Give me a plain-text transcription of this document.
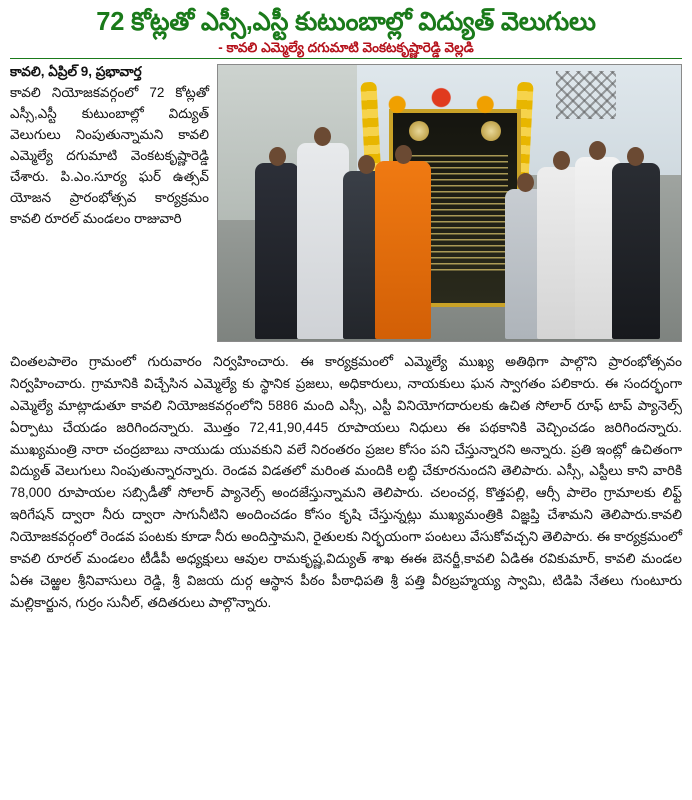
72 కోట్లతో ఎస్సీ,ఎస్టీ కుటుంబాల్లో విద్యుత్ వెలుగులు
- కావలి ఎమ్మెల్యే దగుమాటి వెంకటకృష్ణారెడ్డి వెల్లడి
కావలి, ఏప్రిల్ 9, ప్రభావార్త
కావలి నియోజకవర్గంలో 72 కోట్లతో ఎస్సీ,ఎస్టీ కుటుంబాల్లో విద్యుత్ వెలుగులు నింపుతున్నామని కావలి ఎమ్మెల్యే దగుమాటి వెంకటకృష్ణారెడ్డి చేశారు. పి.ఎం.సూర్య ఘర్ ఉత్సవ్ యోజన ప్రారంభోత్సవ కార్యక్రమం కావలి రూరల్ మండలం రాజువారి

చింతలపాలెం గ్రామంలో గురువారం నిర్వహించారు. ఈ కార్యక్రమంలో ఎమ్మెల్యే ముఖ్య అతిథిగా పాల్గొని ప్రారంభోత్సవం నిర్వహించారు. గ్రామానికి విచ్చేసిన ఎమ్మెల్యే కు స్థానిక ప్రజలు, అధికారులు, నాయకులు ఘన స్వాగతం పలికారు. ఈ సందర్భంగా ఎమ్మెల్యే మాట్లాడుతూ కావలి నియోజకవర్గంలోని 5886 మంది ఎస్సీ, ఎస్టీ వినియోగదారులకు ఉచిత సోలార్ రూఫ్ టాప్ ప్యానెల్స్ ఏర్పాటు చేయడం జరిగిందన్నారు. మొత్తం 72,41,90,445 రూపాయలు నిధులు ఈ పథకానికి వెచ్చించడం జరిగిందన్నారు. ముఖ్యమంత్రి నారా చంద్రబాబు నాయుడు యువకుని వలే నిరంతరం ప్రజల కోసం పని చేస్తున్నారని అన్నారు. ప్రతి ఇంట్లో ఉచితంగా విద్యుత్ వెలుగులు నింపుతున్నారన్నారు. రెండవ విడతలో మరింత మందికి లబ్ధి చేకూరనుందని తెలిపారు. ఎస్సీ, ఎస్టీలు కాని వారికి 78,000 రూపాయల సబ్సిడీతో సోలార్ ప్యానెల్స్ అందజేస్తున్నామని తెలిపారు. చలంచర్ల, కొత్తపల్లి, ఆర్సీ పాలెం గ్రామాలకు లిఫ్ట్ ఇరిగేషన్ ద్వారా నీరు ద్వారా సాగునీటిని అందించడం కోసం కృషి చేస్తున్నట్లు ముఖ్యమంత్రికి విజ్ఞప్తి చేశామని తెలిపారు.కావలి నియోజకవర్గంలో రెండవ పంటకు కూడా నీరు అందిస్తామని, రైతులకు నిర్భయంగా పంటలు వేసుకోవచ్చని తెలిపారు. ఈ కార్యక్రమంలో కావలి రూరల్ మండలం టీడీపీ అధ్యక్షులు ఆవుల రామకృష్ణ,విద్యుత్ శాఖ ఈఈ బెనర్జీ,కావలి ఏడిఈ రవికుమార్, కావలి మండల ఏఈ చెఱ్ఱల శ్రీనివాసులు రెడ్డి, శ్రీ విజయ దుర్గ ఆస్థాన పీఠం పీఠాధిపతి శ్రీ పత్తి వీరబ్రహ్మయ్య స్వామి, టిడిపి నేతలు గుంటూరు మల్లికార్జున, గుర్రం సునీల్, తదితరులు పాల్గొన్నారు.
